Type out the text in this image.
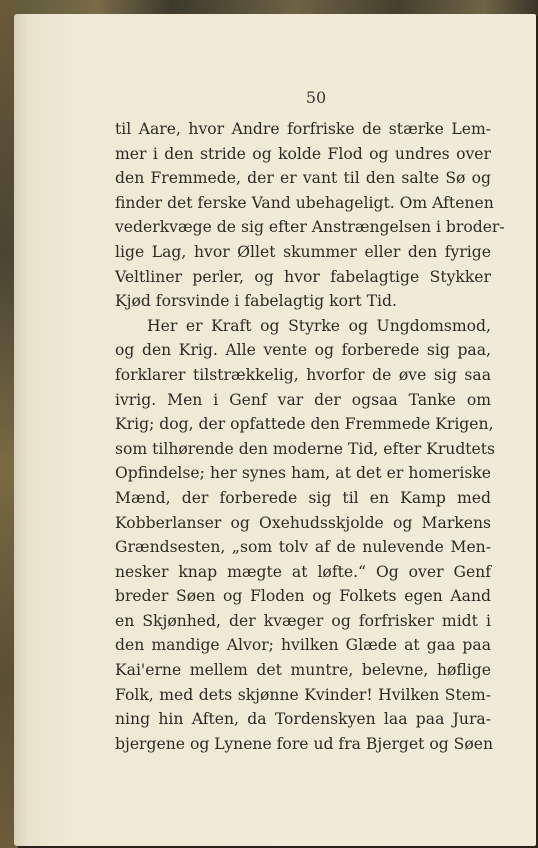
50
til Aare, hvor Andre forfriske de stærke Lem-
mer i den stride og kolde Flod og undres over
den Fremmede, der er vant til den salte Sø og
finder det ferske Vand ubehageligt. Om Aftenen
vederkvæge de sig efter Anstrængelsen i broder-
lige Lag, hvor Øllet skummer eller den fyrige
Veltliner perler, og hvor fabelagtige Stykker
Kjød forsvinde i fabelagtig kort Tid.
Her er Kraft og Styrke og Ungdomsmod,
og den Krig. Alle vente og forberede sig paa,
forklarer tilstrækkelig, hvorfor de øve sig saa
ivrig. Men i Genf var der ogsaa Tanke om
Krig; dog, der opfattede den Fremmede Krigen,
som tilhørende den moderne Tid, efter Krudtets
Opfindelse; her synes ham, at det er homeriske
Mænd, der forberede sig til en Kamp med
Kobberlanser og Oxehudsskjolde og Markens
Grændsesten, „som tolv af de nulevende Men-
nesker knap mægte at løfte.“ Og over Genf
breder Søen og Floden og Folkets egen Aand
en Skjønhed, der kvæger og forfrisker midt i
den mandige Alvor; hvilken Glæde at gaa paa
Kai'erne mellem det muntre, belevne, høflige
Folk, med dets skjønne Kvinder! Hvilken Stem-
ning hin Aften, da Tordenskyen laa paa Jura-
bjergene og Lynene fore ud fra Bjerget og Søen
